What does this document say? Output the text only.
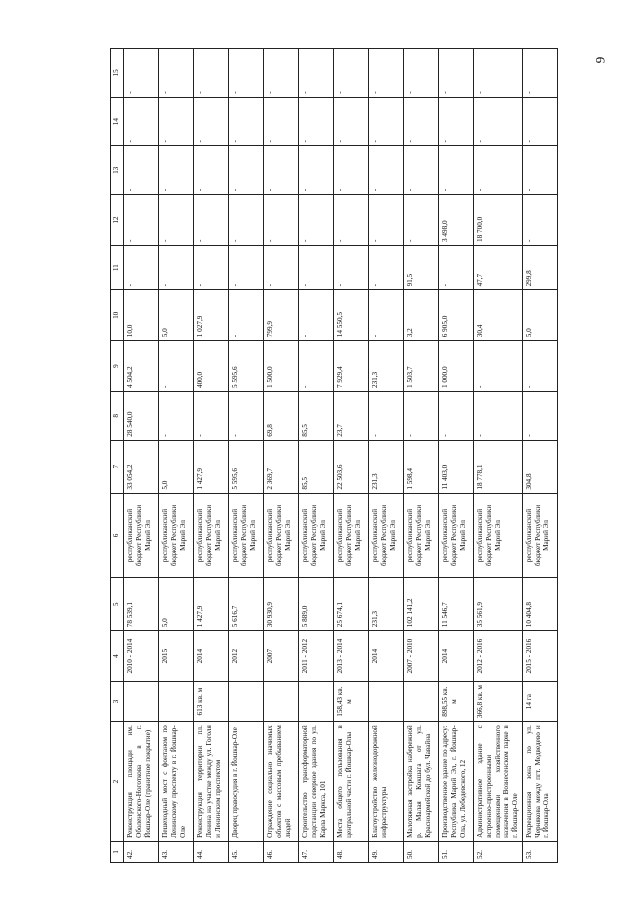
9
1	2	3	4	5	6	7	8	9	10	11	12	13	14	15
42.	Реконструкция площади им. Оболенского-Ноготкова в г. Йошкар-Оле (гранитное покрытие)		2010 - 2014	78 539,1	республиканский бюджет Республики Марий Эл	33 054,2	28 540,0	4 504,2	10,0	-	-	-	-	-
43.	Пешеходный мост с фонтаном по Ленинскому проспекту в г. Йошкар-Оле		2015	5,0	республиканский бюджет Республики Марий Эл	5,0	-	-	5,0	-	-	-	-	-
44.	Реконструкция территории пл. Ленина на участке между ул. Гоголя и Ленинским проспектом	613 кв. м	2014	1 427,9	республиканский бюджет Республики Марий Эл	1 427,9	-	400,0	1 027,9	-	-	-	-	-
45.	Дворец правосудия в г. Йошкар-Оле		2012	5 616,7	республиканский бюджет Республики Марий Эл	5 595,6	-	5 595,6	-	-	-	-	-	-
46.	Ограждение социально значимых объектов с массовым пребыванием людей		2007	30 930,9	республиканский бюджет Республики Марий Эл	2 369,7	69,8	1 500,0	799,9	-	-	-	-	-
47.	Строительство трансформаторной подстанции северное здания по ул. Карла Маркса, 101		2011 - 2012	5 889,0	республиканский бюджет Республики Марий Эл	85,5	85,5	-	-	-	-	-	-	-
48.	Места общего пользования в центральной части г. Йошкар-Олы	158,43 кв. м	2013 - 2014	25 674,1	республиканский бюджет Республики Марий Эл	22 503,6	23,7	7 929,4	14 550,5	-	-	-	-	-
49.	Благоустройство железнодорожной инфраструктуры		2014	231,3	республиканский бюджет Республики Марий Эл	231,3	-	231,3	-	-	-	-	-	-
50.	Малотяжная застройка набережной р. Малая Кокшага от ул. Красноармейской до бул. Чавайна		2007 - 2010	102 141,2	республиканский бюджет Республики Марий Эл	1 598,4	-	1 503,7	3,2	91,5	-	-	-	-
51.	Производственное здание по адресу: Республика Марий Эл, г. Йошкар-Ола, ул. Лебедевского, 12	898,55 кв. м	2014	11 546,7	республиканский бюджет Республики Марий Эл	11 403,0	-	1 000,0	6 905,0	-	3 498,0	-	-	-
52.	Административное здание с встроенно-пристроенными помещениями хозяйственного назначения в Вознесенском парке в г. Йошкар-Оле	366,8 кв. м	2012 - 2016	35 561,9	республиканский бюджет Республики Марий Эл	18 778,1	-	-	30,4	47,7	18 700,0	-	-	-
53.	Рекреационная зона по ул. Чернякова между пгт. Медведево и г. Йошкар-Ола	14 га	2015 - 2016	10 404,8	республиканский бюджет Республики Марий Эл	304,8	-	-	5,0	299,8	-	-	-	-
